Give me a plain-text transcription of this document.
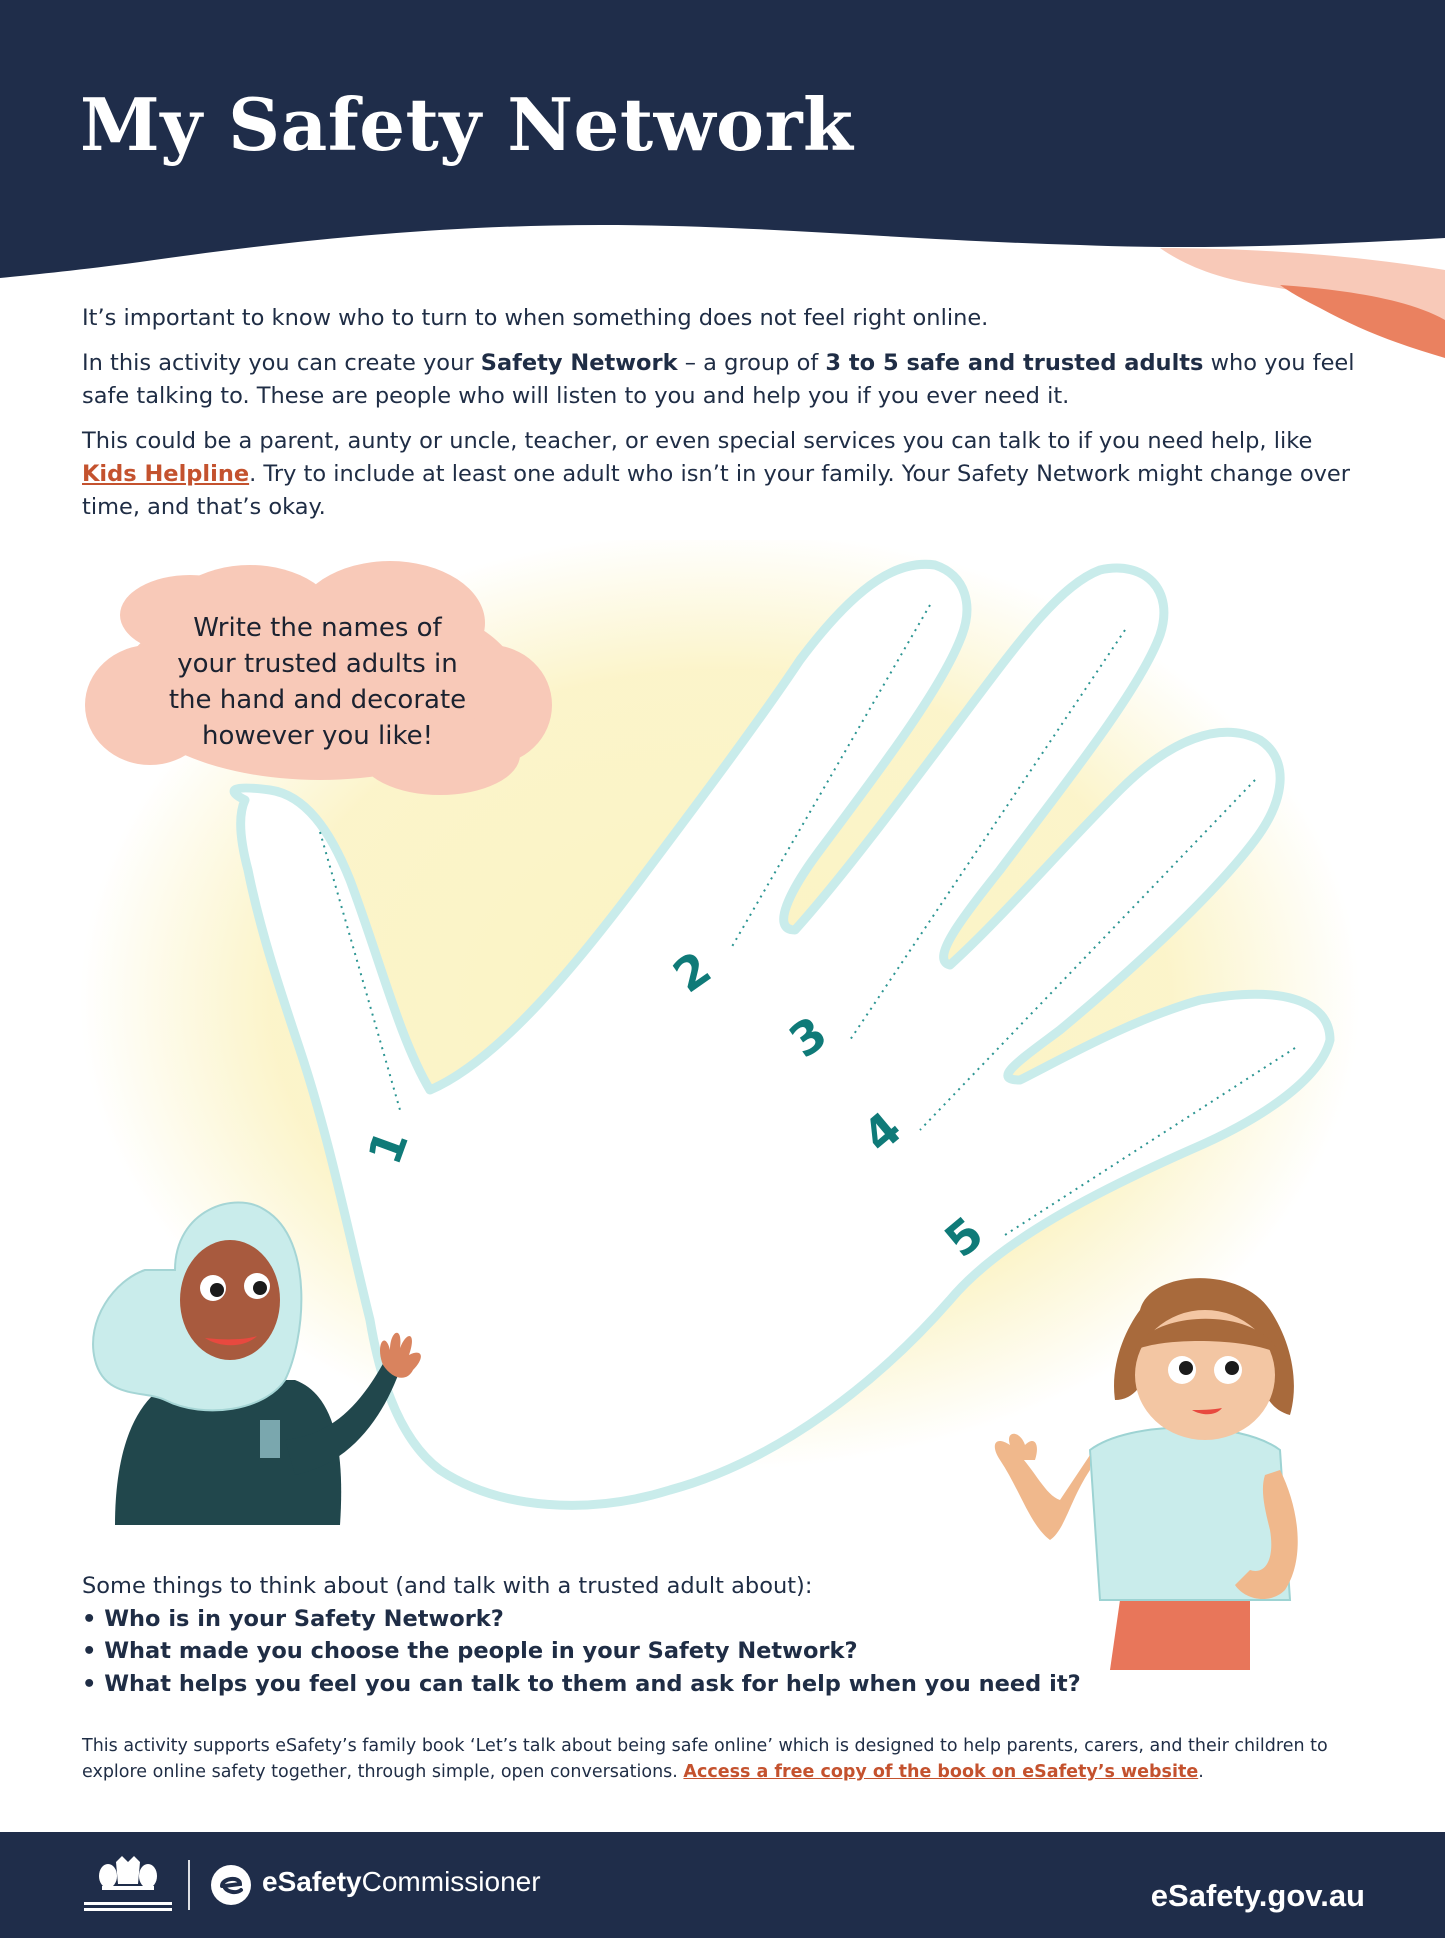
My Safety Network

It’s important to know who to turn to when something does not feel right online.

In this activity you can create your Safety Network – a group of 3 to 5 safe and trusted adults who you feel safe talking to. These are people who will listen to you and help you if you ever need it.

This could be a parent, aunty or uncle, teacher, or even special services you can talk to if you need help, like Kids Helpline. Try to include at least one adult who isn’t in your family. Your Safety Network might change over time, and that’s okay.

Write the names of
your trusted adults in
the hand and decorate
however you like!
1
2
3
4
5
Some things to think about (and talk with a trusted adult about):
• Who is in your Safety Network?
• What made you choose the people in your Safety Network?
• What helps you feel you can talk to them and ask for help when you need it?
This activity supports eSafety’s family book ‘Let’s talk about being safe online’ which is designed to help parents, carers, and their children to explore online safety together, through simple, open conversations. Access a free copy of the book on eSafety’s website.
eSafetyCommissioner	eSafety.gov.au
